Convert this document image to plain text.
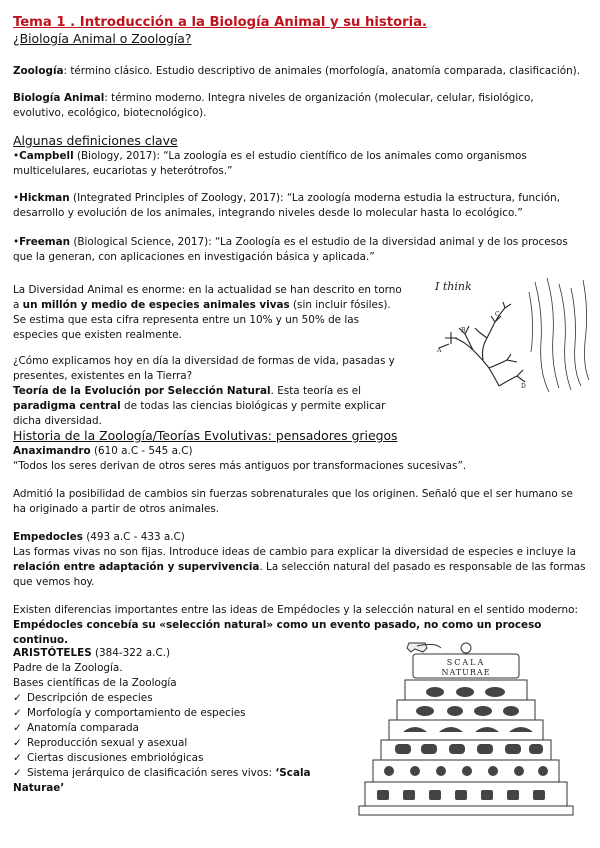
Tema 1 . Introducción a la Biología Animal y su historia.
¿Biología Animal o Zoología?
Zoología: término clásico. Estudio descriptivo de animales (morfología, anatomía comparada, clasificación).
Biología Animal: término moderno. Integra niveles de organización (molecular, celular, fisiológico, evolutivo, ecológico, biotecnológico).
Algunas definiciones clave
•Campbell (Biology, 2017): “La zoología es el estudio científico de los animales como organismos multicelulares, eucariotas y heterótrofos.”
•Hickman (Integrated Principles of Zoology, 2017): “La zoología moderna estudia la estructura, función, desarrollo y evolución de los animales, integrando niveles desde lo molecular hasta lo ecológico.”
•Freeman (Biological Science, 2017): “La Zoología es el estudio de la diversidad animal y de los procesos que la generan, con aplicaciones en investigación básica y aplicada.”
La Diversidad Animal es enorme: en la actualidad se han descrito en torno a un millón y medio de especies animales vivas (sin incluir fósiles). Se estima que esta cifra representa entre un 10% y un 50% de las especies que existen realmente.
¿Cómo explicamos hoy en día la diversidad de formas de vida, pasadas y presentes, existentes en la Tierra?
Teoría de la Evolución por Selección Natural. Esta teoría es el paradigma central de todas las ciencias biológicas y permite explicar dicha diversidad.
I think
A
B
C
D
Historia de la Zoología/Teorías Evolutivas: pensadores griegos
Anaximandro (610 a.C - 545 a.C)
“Todos los seres derivan de otros seres más antiguos por transformaciones sucesivas”.
Admitió la posibilidad de cambios sin fuerzas sobrenaturales que los originen. Señaló que el ser humano se ha originado a partir de otros animales.
Empedocles (493 a.C - 433 a.C)
Las formas vivas no son fijas. Introduce ideas de cambio para explicar la diversidad de especies e incluye la relación entre adaptación y supervivencia. La selección natural del pasado es responsable de las formas que vemos hoy.
Existen diferencias importantes entre las ideas de Empédocles y la selección natural en el sentido moderno: Empédocles concebía su «selección natural» como un evento pasado, no como un proceso continuo.
ARISTÓTELES (384-322 a.C.)
Padre de la Zoología.
Bases científicas de la Zoología
✓ Descripción de especies
✓ Morfología y comportamiento de especies
✓ Anatomía comparada
✓ Reproducción sexual y asexual
✓ Ciertas discusiones embriológicas
✓ Sistema jerárquico de clasificación seres vivos: ‘Scala Naturae’
SCALA
NATURAE
